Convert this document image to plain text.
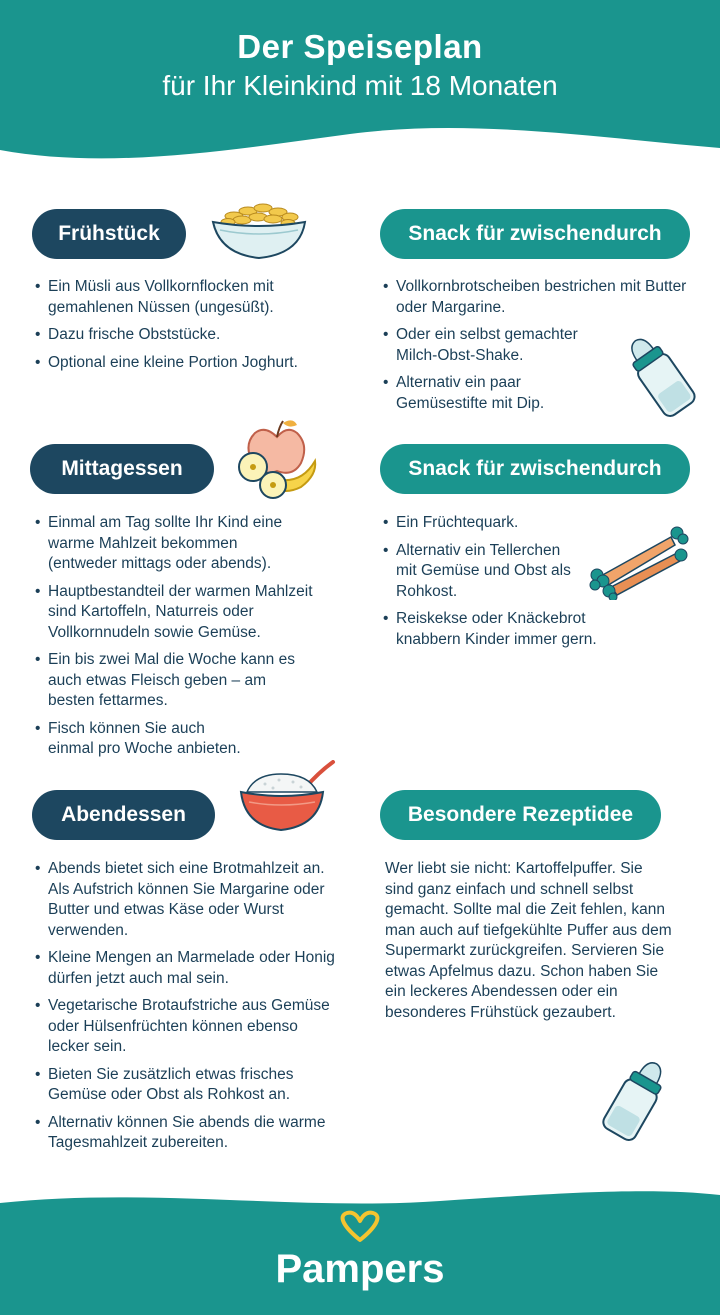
Der Speiseplan
für Ihr Kleinkind mit 18 Monaten
Frühstück
• Ein Müsli aus Vollkornflocken mit gemahlenen Nüssen (ungesüßt).
• Dazu frische Obststücke.
• Optional eine kleine Portion Joghurt.
Snack für zwischendurch
• Vollkornbrotscheiben bestrichen mit Butter oder Margarine.
• Oder ein selbst gemachter Milch-Obst-Shake.
• Alternativ ein paar Gemüsestifte mit Dip.
Mittagessen
• Einmal am Tag sollte Ihr Kind eine warme Mahlzeit bekommen (entweder mittags oder abends).
• Hauptbestandteil der warmen Mahlzeit sind Kartoffeln, Naturreis oder Vollkornnudeln sowie Gemüse.
• Ein bis zwei Mal die Woche kann es auch etwas Fleisch geben – am besten fettarmes.
• Fisch können Sie auch einmal pro Woche anbieten.
Snack für zwischendurch
• Ein Früchtequark.
• Alternativ ein Tellerchen mit Gemüse und Obst als Rohkost.
• Reiskekse oder Knäckebrot knabbern Kinder immer gern.
Abendessen
• Abends bietet sich eine Brotmahlzeit an. Als Aufstrich können Sie Margarine oder Butter und etwas Käse oder Wurst verwenden.
• Kleine Mengen an Marmelade oder Honig dürfen jetzt auch mal sein.
• Vegetarische Brotaufstriche aus Gemüse oder Hülsenfrüchten können ebenso lecker sein.
• Bieten Sie zusätzlich etwas frisches Gemüse oder Obst als Rohkost an.
• Alternativ können Sie abends die warme Tagesmahlzeit zubereiten.
Besondere Rezeptidee
Wer liebt sie nicht: Kartoffelpuffer. Sie sind ganz einfach und schnell selbst gemacht. Sollte mal die Zeit fehlen, kann man auch auf tiefgekühlte Puffer aus dem Supermarkt zurückgreifen. Servieren Sie etwas Apfelmus dazu. Schon haben Sie ein leckeres Abendessen oder ein besonderes Frühstück gezaubert.
Pampers
